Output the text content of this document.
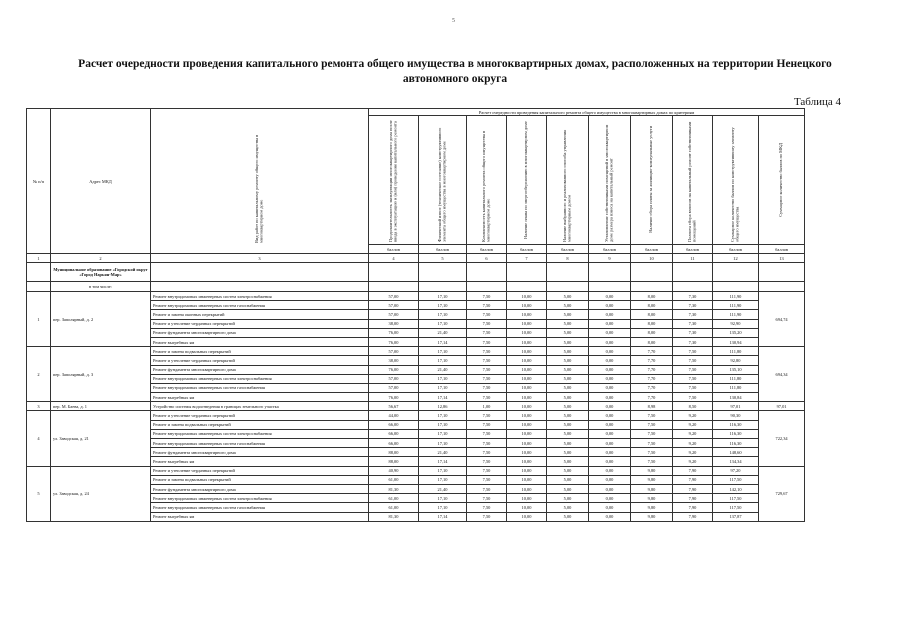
5
Расчет очередности проведения капитального ремонта общего имущества в многоквартирных домах, расположенных на территории Ненецкого автономного округа
Таблица 4
№ п/п	Адрес МКД	Вид работ по капитальному ремонту общего имущества в многоквартирном доме	Расчет очередности проведения капитального ремонта общего имущества в многоквартирных домах по критериям									
			Продолжительность эксплуатации многоквартирного дома после ввода в эксплуатацию и (или) проведения капитального ремонта	Физический износ (техническое состояние) конструктивного элемента общего имущества в многоквартирном доме	Комплексность капитального ремонта общего имущества в многоквартирном доме	Наличие плана по энергосбережению в многоквартирном доме	Наличие выбранного и реализованного способа управления многоквартирным домом	Установление собственниками помещений в многоквартирном доме размера взноса на капитальный ремонт	Наличие сбора платы за жилищно-коммунальные услуги	Полнота сбора взносов на капитальный ремонт собственниками помещений	Суммарное количество баллов по конструктивному элементу общего имущества	Суммарное количество баллов по МКД
			баллов	баллов	баллов	баллов	баллов	баллов	баллов	баллов	баллов	баллов
1	2	3	4	5	6	7	8	9	10	11	12	13
	Муниципальное образование «Городской округ «Город Нарьян-Мар»											
	в том числе:											
1	пер. Заполярный, д. 2	Ремонт внутридомовых инженерных систем электроснабжения	57,00	17,10	7,50	10,00	5,00	0,00	8,00	7,30	111,90	694,74
		Ремонт внутридомовых инженерных систем газоснабжения	57,00	17,10	7,50	10,00	5,00	0,00	8,00	7,30	111,90	
		Ремонт и замена оконных перекрытий	57,00	17,10	7,50	10,00	5,00	0,00	8,00	7,30	111,90	
		Ремонт и утепление чердачных перекрытий	38,00	17,10	7,50	10,00	5,00	0,00	8,00	7,30	92,90	
		Ремонт фундамента многоквартирного дома	76,00	21,40	7,50	10,00	5,00	0,00	8,00	7,30	135,20	
		Ремонт выгребных ям	76,00	17,14	7,50	10,00	5,00	0,00	8,00	7,30	130,94	
2	пер. Заполярный, д. 3	Ремонт и замена подвальных перекрытий	57,00	17,10	7,50	10,00	5,00	0,00	7,70	7,50	111,80	694,34
		Ремонт и утепление чердачных перекрытий	38,00	17,10	7,50	10,00	5,00	0,00	7,70	7,50	92,80	
		Ремонт фундамента многоквартирного дома	76,00	21,40	7,50	10,00	5,00	0,00	7,70	7,50	135,10	
		Ремонт внутридомовых инженерных систем электроснабжения	57,00	17,10	7,50	10,00	5,00	0,00	7,70	7,50	111,80	
		Ремонт внутридомовых инженерных систем газоснабжения	57,00	17,10	7,50	10,00	5,00	0,00	7,70	7,50	111,80	
		Ремонт выгребных ям	76,00	17,14	7,50	10,00	5,00	0,00	7,70	7,50	130,84	
3	пер. М. Баева, д. 1	Устройство системы водоотведения в границах земельного участка	56,67	12,86	1,00	10,00	5,00	0,00	8,98	8,50	97,01	97,01
4	ул. Заводская, д. 21	Ремонт и утепление чердачных перекрытий	44,00	17,10	7,50	10,00	5,00	0,00	7,50	9,20	90,30	722,34
		Ремонт и замена подвальных перекрытий	66,00	17,10	7,50	10,00	5,00	0,00	7,50	9,20	116,30	
		Ремонт внутридомовых инженерных систем электроснабжения	66,00	17,10	7,50	10,00	5,00	0,00	7,50	9,20	116,30	
		Ремонт внутридомовых инженерных систем газоснабжения	66,00	17,10	7,50	10,00	5,00	0,00	7,50	9,20	116,30	
		Ремонт фундамента многоквартирного дома	88,00	21,40	7,50	10,00	5,00	0,00	7,50	9,20	148,60	
		Ремонт выгребных ям	88,00	17,14	7,50	10,00	5,00	0,00	7,50	9,20	134,34	
5	ул. Заводская, д. 24	Ремонт и утепление чердачных перекрытий	40,90	17,10	7,50	10,00	5,00	0,00	9,80	7,90	97,20	729,67
		Ремонт и замена подвальных перекрытий	61,00	17,10	7,50	10,00	5,00	0,00	9,80	7,90	117,50	
		Ремонт фундамента многоквартирного дома	81,30	21,40	7,50	10,00	5,00	0,00	9,80	7,90	142,10	
		Ремонт внутридомовых инженерных систем электроснабжения	61,00	17,10	7,50	10,00	5,00	0,00	9,80	7,90	117,50	
		Ремонт внутридомовых инженерных систем газоснабжения	61,00	17,10	7,50	10,00	5,00	0,00	9,80	7,90	117,50	
		Ремонт выгребных ям	81,30	17,14	7,50	10,00	5,00	0,00	9,80	7,90	137,87	
